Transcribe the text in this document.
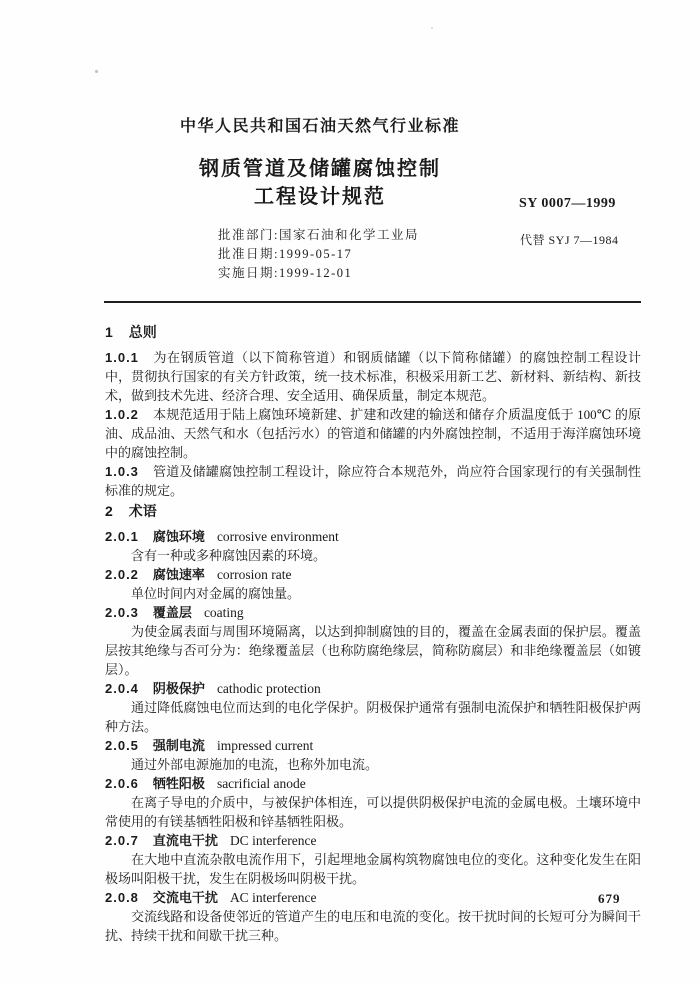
中华人民共和国石油天然气行业标准
钢质管道及储罐腐蚀控制
工程设计规范	SY 0007—1999
批准部门:国家石油和化学工业局
批准日期:1999-05-17
实施日期:1999-12-01
代替 SYJ 7—1984
1 总则

1.0.1 为在钢质管道（以下简称管道）和钢质储罐（以下简称储罐）的腐蚀控制工程设计中，贯彻执行国家的有关方针政策，统一技术标准，积极采用新工艺、新材料、新结构、新技术，做到技术先进、经济合理、安全适用、确保质量，制定本规范。

1.0.2 本规范适用于陆上腐蚀环境新建、扩建和改建的输送和储存介质温度低于 100℃ 的原油、成品油、天然气和水（包括污水）的管道和储罐的内外腐蚀控制，不适用于海洋腐蚀环境中的腐蚀控制。

1.0.3 管道及储罐腐蚀控制工程设计，除应符合本规范外，尚应符合国家现行的有关强制性标准的规定。

2 术语

2.0.1 腐蚀环境 corrosive environment

含有一种或多种腐蚀因素的环境。

2.0.2 腐蚀速率 corrosion rate

单位时间内对金属的腐蚀量。

2.0.3 覆盖层 coating

为使金属表面与周围环境隔离，以达到抑制腐蚀的目的，覆盖在金属表面的保护层。覆盖层按其绝缘与否可分为：绝缘覆盖层（也称防腐绝缘层，简称防腐层）和非绝缘覆盖层（如镀层）。

2.0.4 阴极保护 cathodic protection

通过降低腐蚀电位而达到的电化学保护。阴极保护通常有强制电流保护和牺牲阳极保护两种方法。

2.0.5 强制电流 impressed current

通过外部电源施加的电流，也称外加电流。

2.0.6 牺牲阳极 sacrificial anode

在离子导电的介质中，与被保护体相连，可以提供阴极保护电流的金属电极。土壤环境中常使用的有镁基牺牲阳极和锌基牺牲阳极。

2.0.7 直流电干扰 DC interference

在大地中直流杂散电流作用下，引起埋地金属构筑物腐蚀电位的变化。这种变化发生在阳极场叫阳极干扰，发生在阴极场叫阴极干扰。

2.0.8 交流电干扰 AC interference

交流线路和设备使邻近的管道产生的电压和电流的变化。按干扰时间的长短可分为瞬间干扰、持续干扰和间歇干扰三种。

679
